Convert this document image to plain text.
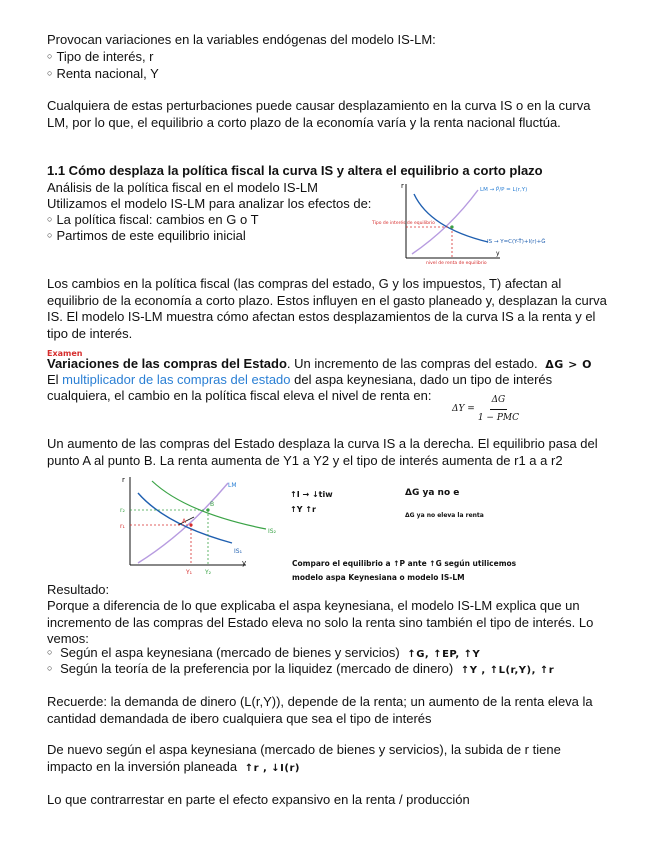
Provocan variaciones en la variables endógenas del modelo IS-LM:
○ Tipo de interés, r
○ Renta nacional, Y
Cualquiera de estas perturbaciones puede causar desplazamiento en la curva IS o en la curva LM, por lo que, el equilibrio a corto plazo de la economía varía y la renta nacional fluctúa.
1.1 Cómo desplaza la política fiscal la curva IS y altera el equilibrio a corto plazo
Análisis de la política fiscal en el modelo IS-LM
Utilizamos el modelo IS-LM para analizar los efectos de:
○ La política fiscal: cambios en G o T
○ Partimos de este equilibrio inicial
r
y
LM → P̄/P = L(r,Y)
IS → Y=C(Y-T̄)+I(r)+Ḡ
Tipo de interés de equilibrio
nivel de renta de equilibrio
Los cambios en la política fiscal (las compras del estado, G y los impuestos, T) afectan al equilibrio de la economía a corto plazo. Estos influyen en el gasto planeado y, desplazan la curva IS. El modelo IS-LM muestra cómo afectan estos desplazamientos de la curva IS a la renta y el tipo de interés.
Examen
Variaciones de las compras del Estado. Un incremento de las compras del estado. ΔG > O
El multiplicador de las compras del estado del aspa keynesiana, dado un tipo de interés
cualquiera, el cambio en la política fiscal eleva el nivel de renta en:
ΔY =
ΔG
1 − PMC
Un aumento de las compras del Estado desplaza la curva IS a la derecha. El equilibrio pasa del punto A al punto B. La renta aumenta de Y1 a Y2 y el tipo de interés aumenta de r1 a a r2
r
y
A
B
LM
IS₁
IS₂
r₁
r₂
Y₁ Y₂
↑I → ↓tiw
↑Y ↑r
ΔG ya no e
ΔG ya no eleva la renta
Comparo el equilibrio a ↑P ante ↑G según utilicemos
modelo aspa Keynesiana o modelo IS-LM
Resultado:
Porque a diferencia de lo que explicaba el aspa keynesiana, el modelo IS-LM explica que un incremento de las compras del Estado eleva no solo la renta sino también el tipo de interés. Lo vemos:
○ Según el aspa keynesiana (mercado de bienes y servicios) ↑G, ↑EP, ↑Y
○ Según la teoría de la preferencia por la liquidez (mercado de dinero) ↑Y , ↑L(r,Y), ↑r
Recuerde: la demanda de dinero (L(r,Y)), depende de la renta; un aumento de la renta eleva la cantidad demandada de ibero cualquiera que sea el tipo de interés
De nuevo según el aspa keynesiana (mercado de bienes y servicios), la subida de r tiene impacto en la inversión planeada ↑r , ↓I(r)
Lo que contrarrestar en parte el efecto expansivo en la renta / producción
